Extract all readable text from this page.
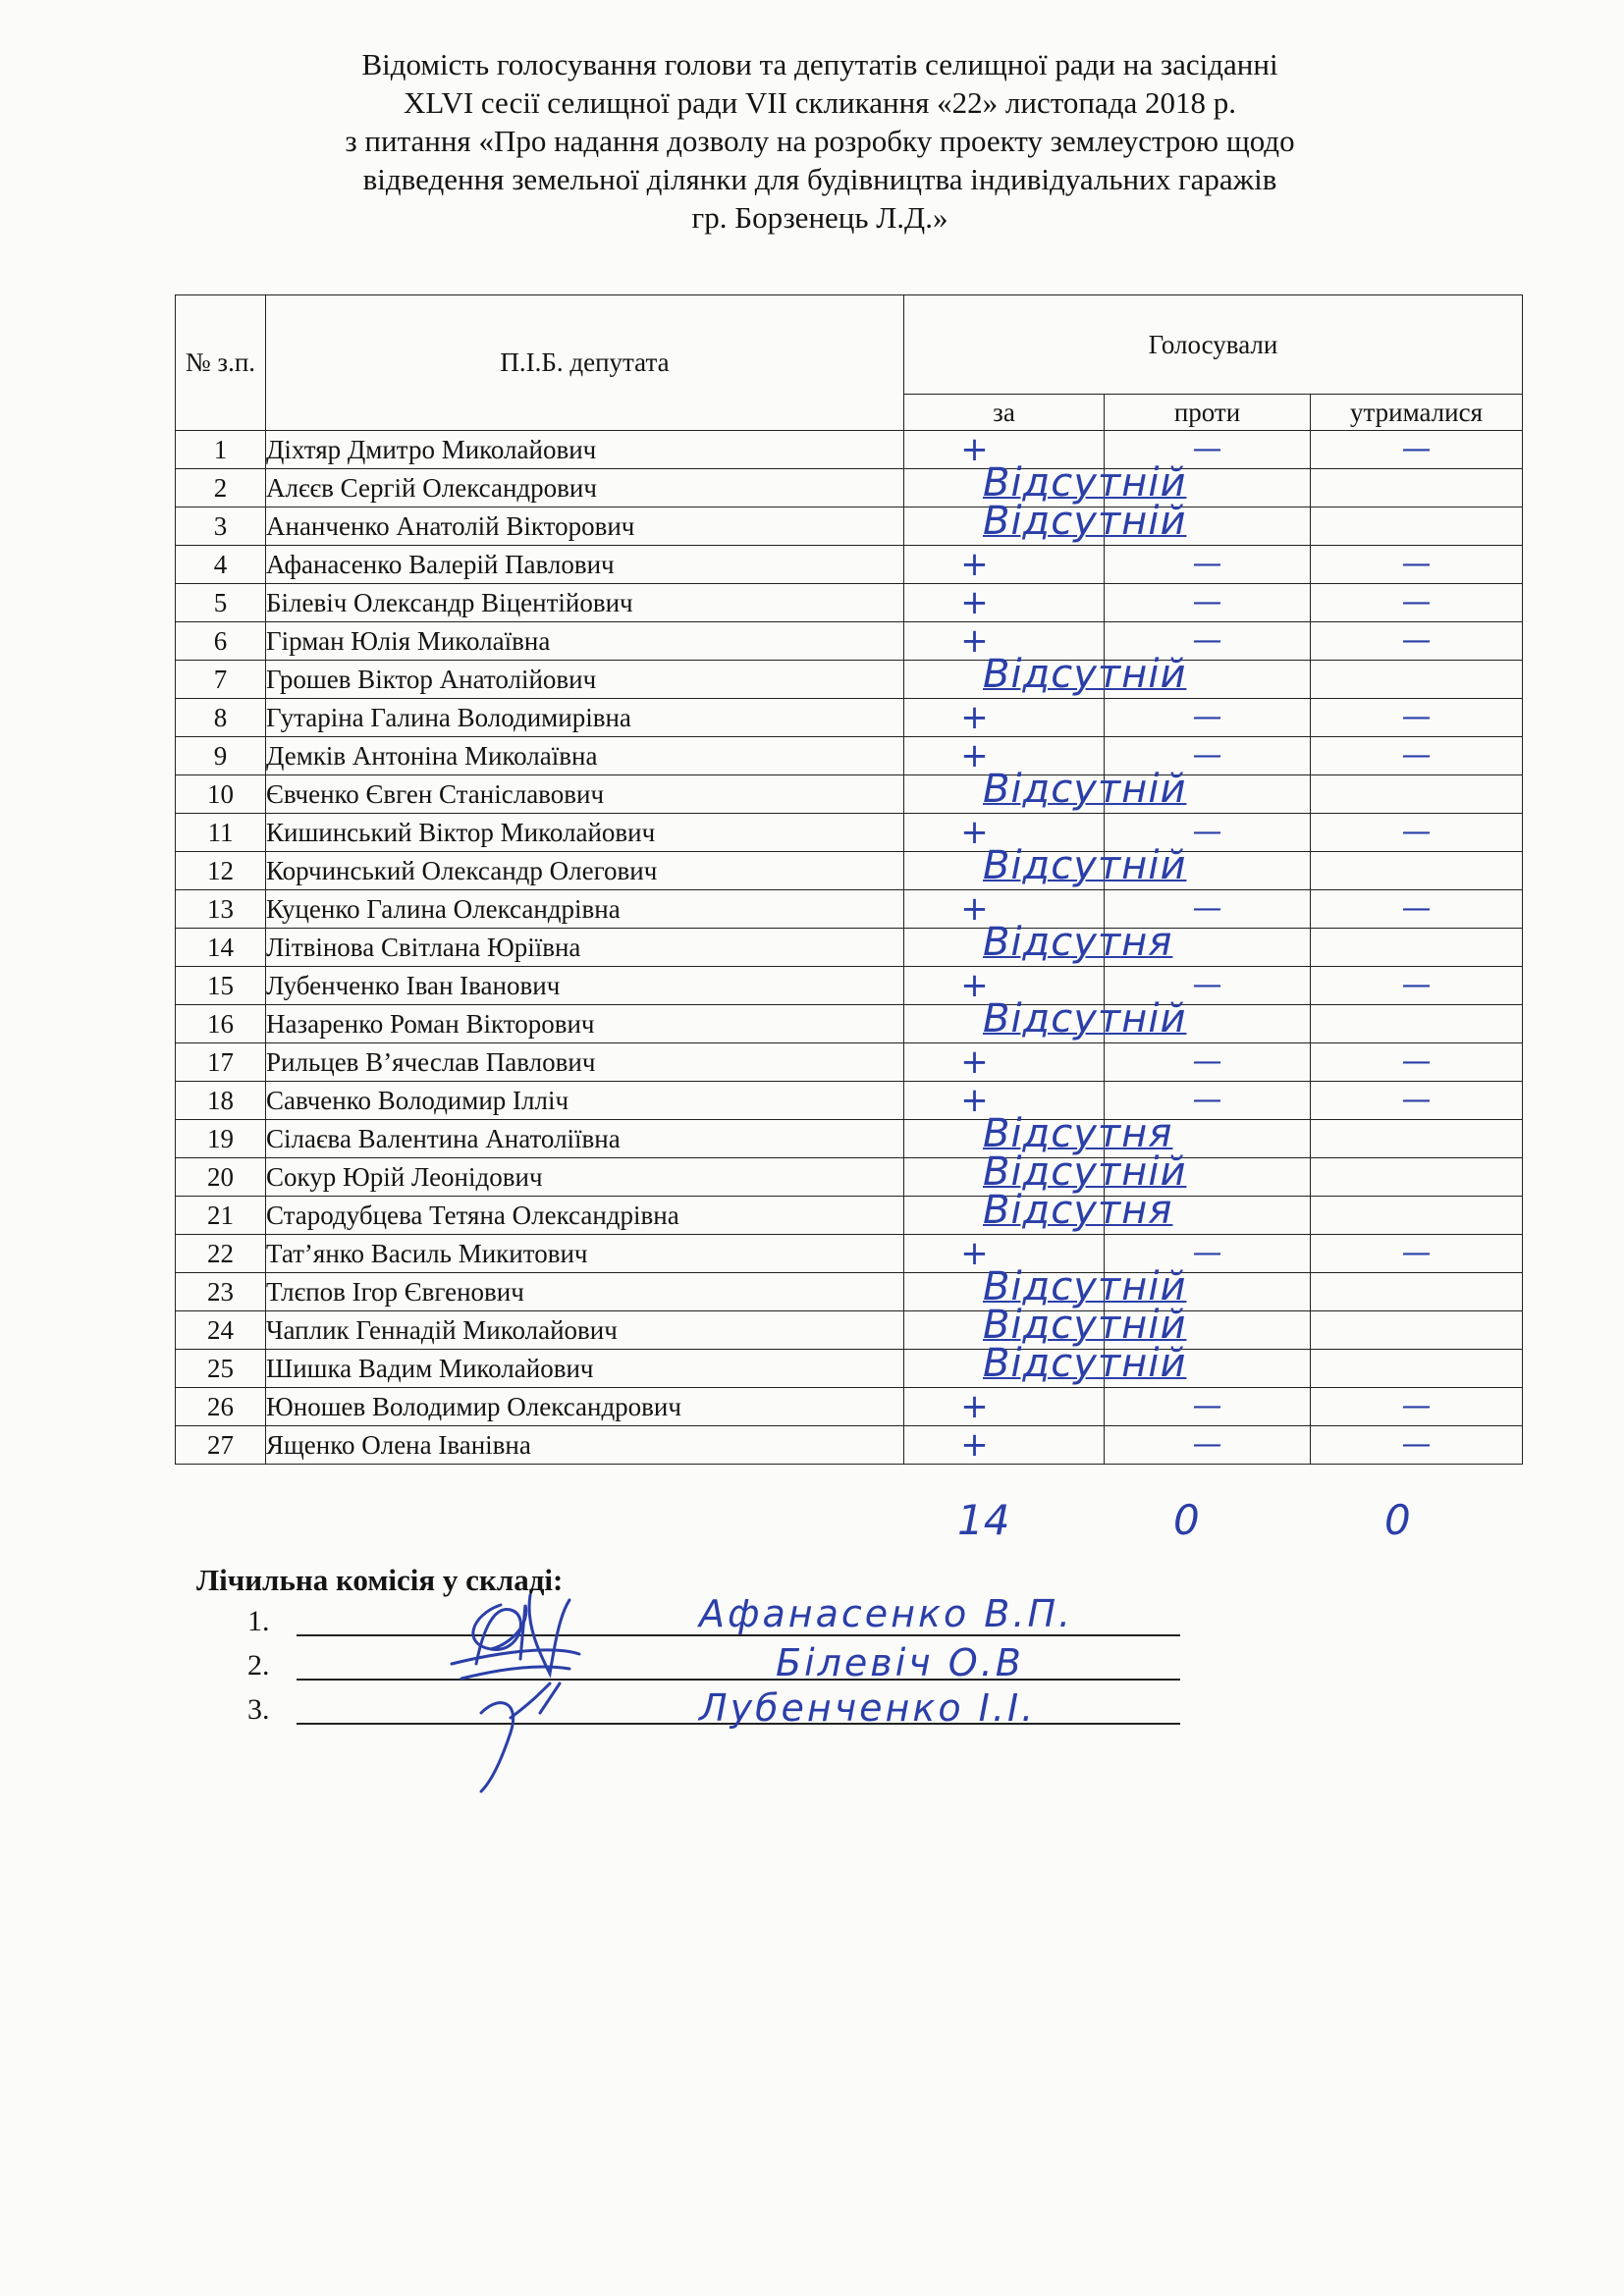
Відомість голосування голови та депутатів селищної ради на засіданні
XLVI сесії селищної ради VII скликання «22» листопада 2018 р.
з питання «Про надання дозволу на розробку проекту землеустрою щодо
відведення земельної ділянки для будівництва індивідуальних гаражів
гр. Борзенець Л.Д.»
№ з.п.	П.І.Б. депутата	Голосували		
		за	проти	утрималися
1	Діхтяр Дмитро Миколайович	+	—	—

2	Алєєв Сергій Олександрович	Відсутній		

3	Ананченко Анатолій Вікторович	Відсутній		

4	Афанасенко Валерій Павлович	+	—	—

5	Білевіч Олександр Віцентійович	+	—	—

6	Гірман Юлія Миколаївна	+	—	—

7	Грошев Віктор Анатолійович	Відсутній		

8	Гутаріна Галина Володимирівна	+	—	—

9	Демків Антоніна Миколаївна	+	—	—

10	Євченко Євген Станіславович	Відсутній		

11	Кишинський Віктор Миколайович	+	—	—

12	Корчинський Олександр Олегович	Відсутній		

13	Куценко Галина Олександрівна	+	—	—

14	Літвінова Світлана Юріївна	Відсутня		

15	Лубенченко Іван Іванович	+	—	—

16	Назаренко Роман Вікторович	Відсутній		

17	Рильцев В’ячеслав Павлович	+	—	—

18	Савченко Володимир Ілліч	+	—	—

19	Сілаєва Валентина Анатоліївна	Відсутня		

20	Сокур Юрій Леонідович	Відсутній		

21	Стародубцева Тетяна Олександрівна	Відсутня		

22	Тат’янко Василь Микитович	+	—	—

23	Тлєпов Ігор Євгенович	Відсутній		

24	Чаплик Геннадій Миколайович	Відсутній		

25	Шишка Вадим Миколайович	Відсутній		

26	Юношев Володимир Олександрович	+	—	—

27	Ященко Олена Іванівна	+	—	—
14	0	0
Лічильна комісія у складі:
1.
2.
3.
Афанасенко В.П.
Білевіч О.В
Лубенченко І.І.
